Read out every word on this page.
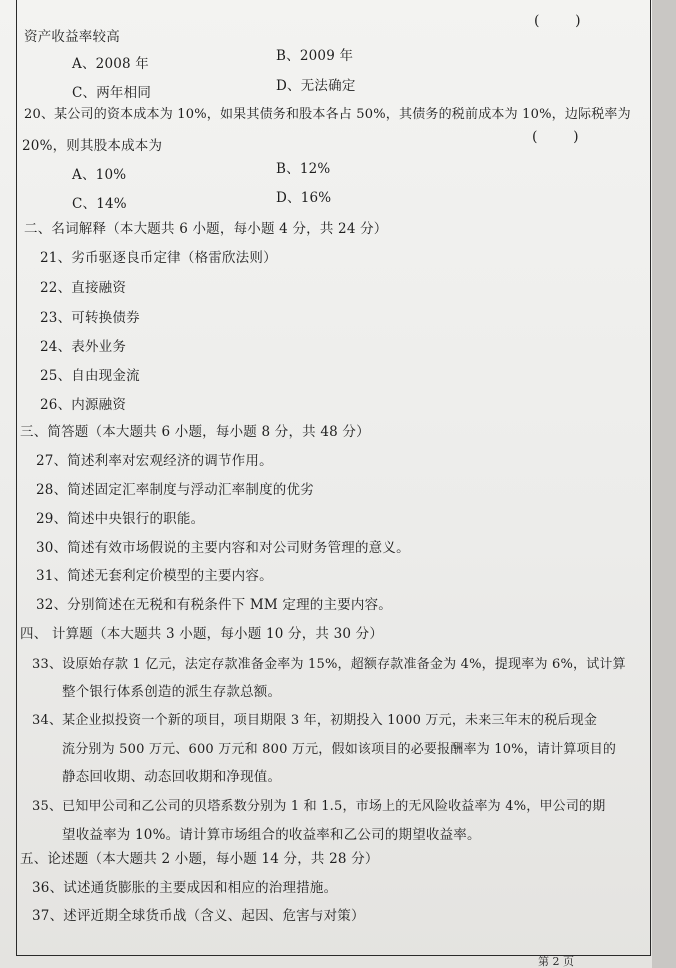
(        )
资产收益率较高
A、2008 年	B、2009 年
C、两年相同	D、无法确定
20、某公司的资本成本为 10%，如果其债务和股本各占 50%，其债务的税前成本为 10%，边际税率为
(        )
20%，则其股本成本为
A、10%	B、12%
C、14%	D、16%
二、名词解释（本大题共 6 小题，每小题 4 分，共 24 分）
21、劣币驱逐良币定律（格雷欣法则）
22、直接融资
23、可转换债券
24、表外业务
25、自由现金流
26、内源融资
三、简答题（本大题共 6 小题，每小题 8 分，共 48 分）
27、简述利率对宏观经济的调节作用。
28、简述固定汇率制度与浮动汇率制度的优劣
29、简述中央银行的职能。
30、简述有效市场假说的主要内容和对公司财务管理的意义。
31、简述无套利定价模型的主要内容。
32、分别简述在无税和有税条件下 MM 定理的主要内容。
四、 计算题（本大题共 3 小题，每小题 10 分，共 30 分）
33、设原始存款 1 亿元，法定存款准备金率为 15%，超额存款准备金为 4%，提现率为 6%，试计算
整个银行体系创造的派生存款总额。
34、某企业拟投资一个新的项目，项目期限 3 年，初期投入 1000 万元，未来三年末的税后现金
流分别为 500 万元、600 万元和 800 万元，假如该项目的必要报酬率为 10%，请计算项目的
静态回收期、动态回收期和净现值。
35、已知甲公司和乙公司的贝塔系数分别为 1 和 1.5，市场上的无风险收益率为 4%，甲公司的期
望收益率为 10%。请计算市场组合的收益率和乙公司的期望收益率。
五、论述题（本大题共 2 小题，每小题 14 分，共 28 分）
36、试述通货膨胀的主要成因和相应的治理措施。
37、述评近期全球货币战（含义、起因、危害与对策）
第 2 页
